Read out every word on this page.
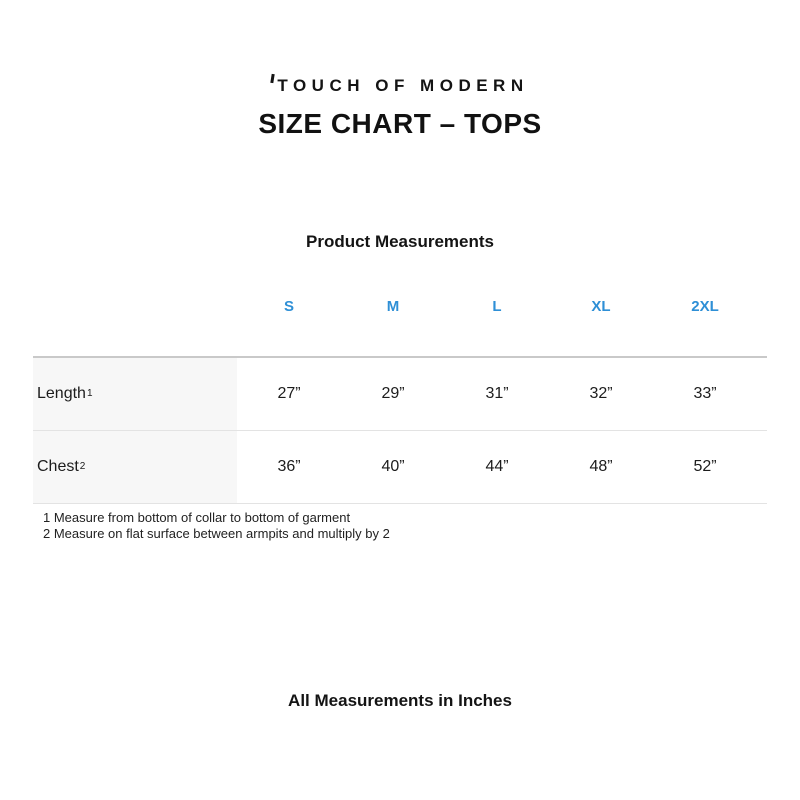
TOUCH OF MODERN
SIZE CHART – TOPS
Product Measurements
S	M	L	XL	2XL
Length 1	27”	29”	31”	32”	33”
Chest 2	36”	40”	44”	48”	52”
1 Measure from bottom of collar to bottom of garment
2 Measure on flat surface between armpits and multiply by 2
All Measurements in Inches
